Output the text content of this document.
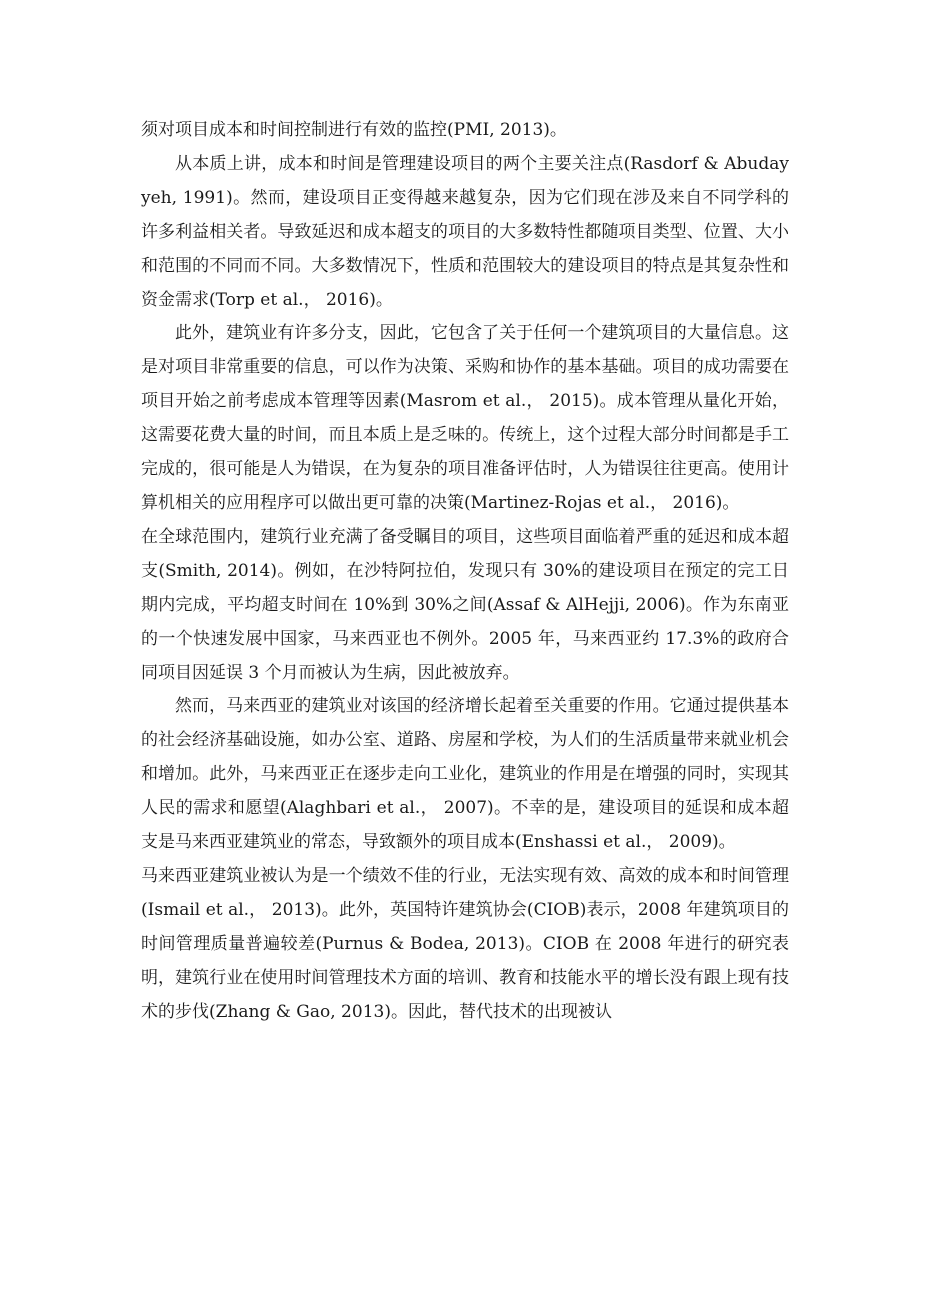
须对项目成本和时间控制进行有效的监控(PMI, 2013)。

从本质上讲，成本和时间是管理建设项目的两个主要关注点(Rasdorf & Abudayyeh, 1991)。然而，建设项目正变得越来越复杂，因为它们现在涉及来自不同学科的许多利益相关者。导致延迟和成本超支的项目的大多数特性都随项目类型、位置、大小和范围的不同而不同。大多数情况下，性质和范围较大的建设项目的特点是其复杂性和资金需求(Torp et al.， 2016)。

此外，建筑业有许多分支，因此，它包含了关于任何一个建筑项目的大量信息。这是对项目非常重要的信息，可以作为决策、采购和协作的基本基础。项目的成功需要在项目开始之前考虑成本管理等因素(Masrom et al.， 2015)。成本管理从量化开始，这需要花费大量的时间，而且本质上是乏味的。传统上，这个过程大部分时间都是手工完成的，很可能是人为错误，在为复杂的项目准备评估时，人为错误往往更高。使用计算机相关的应用程序可以做出更可靠的决策(Martinez-Rojas et al.， 2016)。

在全球范围内，建筑行业充满了备受瞩目的项目，这些项目面临着严重的延迟和成本超支(Smith, 2014)。例如，在沙特阿拉伯，发现只有 30%的建设项目在预定的完工日期内完成，平均超支时间在 10%到 30%之间(Assaf & AlHejji, 2006)。作为东南亚的一个快速发展中国家，马来西亚也不例外。2005 年，马来西亚约 17.3%的政府合同项目因延误 3 个月而被认为生病，因此被放弃。

然而，马来西亚的建筑业对该国的经济增长起着至关重要的作用。它通过提供基本的社会经济基础设施，如办公室、道路、房屋和学校，为人们的生活质量带来就业机会和增加。此外，马来西亚正在逐步走向工业化，建筑业的作用是在增强的同时，实现其人民的需求和愿望(Alaghbari et al.， 2007)。不幸的是，建设项目的延误和成本超支是马来西亚建筑业的常态，导致额外的项目成本(Enshassi et al.， 2009)。

马来西亚建筑业被认为是一个绩效不佳的行业，无法实现有效、高效的成本和时间管理(Ismail et al.， 2013)。此外，英国特许建筑协会(CIOB)表示，2008 年建筑项目的时间管理质量普遍较差(Purnus & Bodea, 2013)。CIOB 在 2008 年进行的研究表明，建筑行业在使用时间管理技术方面的培训、教育和技能水平的增长没有跟上现有技术的步伐(Zhang & Gao, 2013)。因此，替代技术的出现被认
